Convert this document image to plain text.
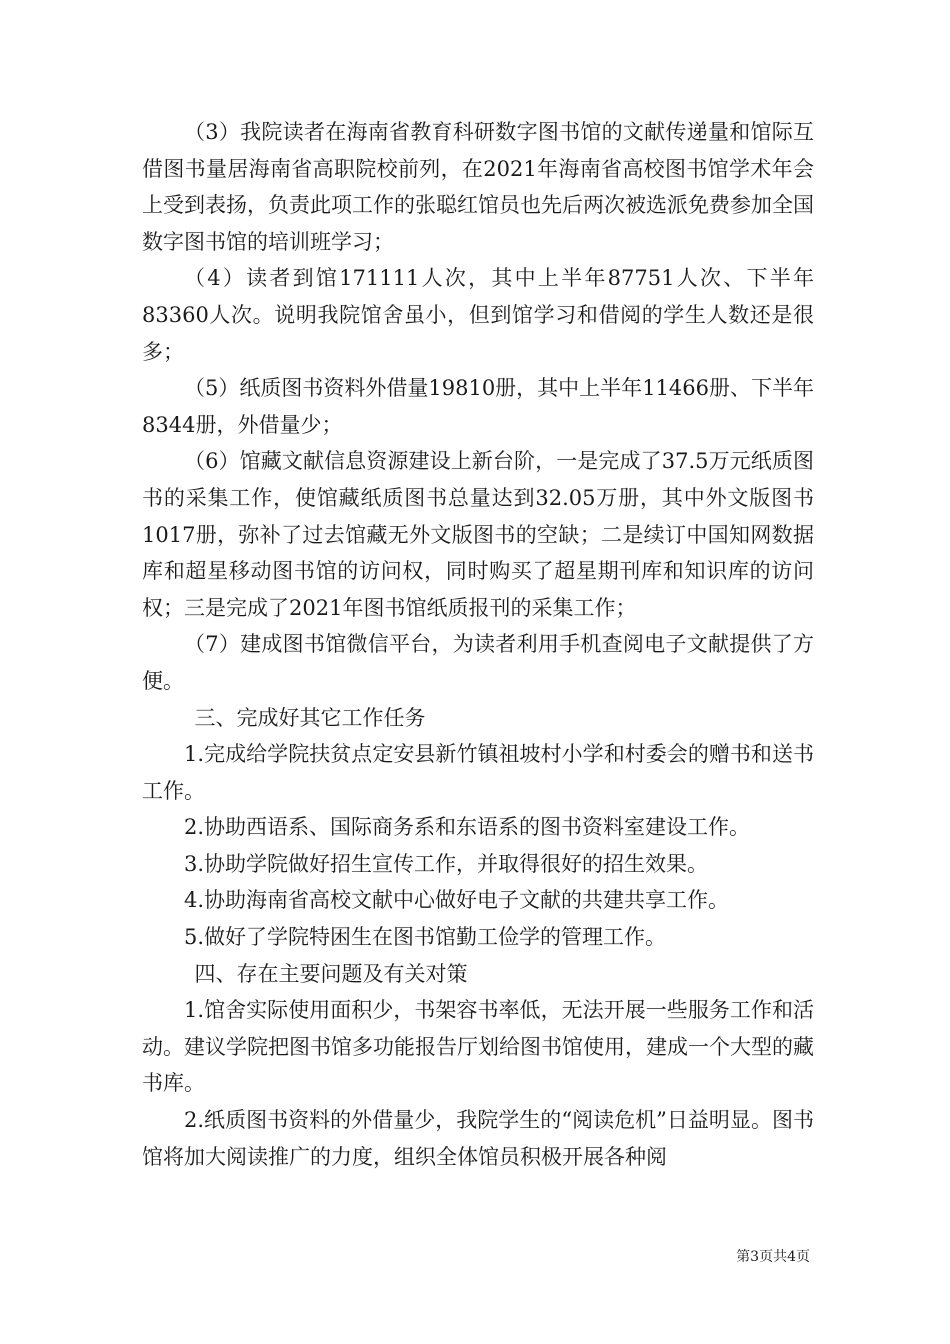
（3）我院读者在海南省教育科研数字图书馆的文献传递量和馆际互借图书量居海南省高职院校前列，在2021年海南省高校图书馆学术年会上受到表扬，负责此项工作的张聪红馆员也先后两次被选派免费参加全国数字图书馆的培训班学习；

（4）读者到馆171111人次，其中上半年87751人次、下半年83360人次。说明我院馆舍虽小，但到馆学习和借阅的学生人数还是很多；

（5）纸质图书资料外借量19810册，其中上半年11466册、下半年8344册，外借量少；

（6）馆藏文献信息资源建设上新台阶，一是完成了37.5万元纸质图书的采集工作，使馆藏纸质图书总量达到32.05万册，其中外文版图书1017册，弥补了过去馆藏无外文版图书的空缺；二是续订中国知网数据库和超星移动图书馆的访问权，同时购买了超星期刊库和知识库的访问权；三是完成了2021年图书馆纸质报刊的采集工作；

（7）建成图书馆微信平台，为读者利用手机查阅电子文献提供了方便。

三、完成好其它工作任务

1.完成给学院扶贫点定安县新竹镇祖坡村小学和村委会的赠书和送书工作。

2.协助西语系、国际商务系和东语系的图书资料室建设工作。

3.协助学院做好招生宣传工作，并取得很好的招生效果。

4.协助海南省高校文献中心做好电子文献的共建共享工作。

5.做好了学院特困生在图书馆勤工俭学的管理工作。

四、存在主要问题及有关对策

1.馆舍实际使用面积少，书架容书率低，无法开展一些服务工作和活动。建议学院把图书馆多功能报告厅划给图书馆使用，建成一个大型的藏书库。

2.纸质图书资料的外借量少，我院学生的“阅读危机”日益明显。图书馆将加大阅读推广的力度，组织全体馆员积极开展各种阅

第3页共4页
